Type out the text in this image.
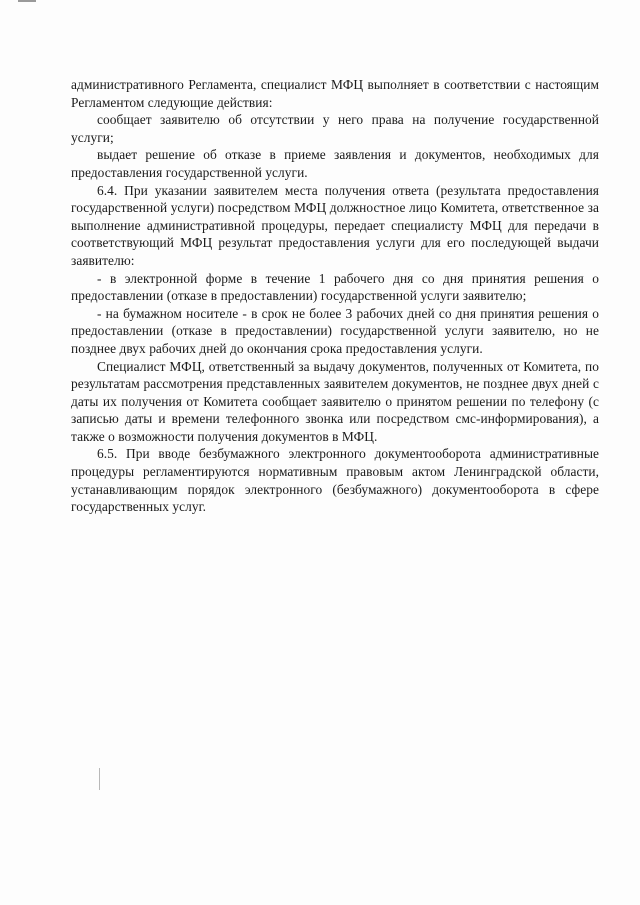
административного Регламента, специалист МФЦ выполняет в соответствии с настоящим Регламентом следующие действия:

сообщает заявителю об отсутствии у него права на получение государственной услуги;

выдает решение об отказе в приеме заявления и документов, необходимых для предоставления государственной услуги.

6.4. При указании заявителем места получения ответа (результата предоставления государственной услуги) посредством МФЦ должностное лицо Комитета, ответственное за выполнение административной процедуры, передает специалисту МФЦ для передачи в соответствующий МФЦ результат предоставления услуги для его последующей выдачи заявителю:

- в электронной форме в течение 1 рабочего дня со дня принятия решения о предоставлении (отказе в предоставлении) государственной услуги заявителю;

- на бумажном носителе - в срок не более 3 рабочих дней со дня принятия решения о предоставлении (отказе в предоставлении) государственной услуги заявителю, но не позднее двух рабочих дней до окончания срока предоставления услуги.

Специалист МФЦ, ответственный за выдачу документов, полученных от Комитета, по результатам рассмотрения представленных заявителем документов, не позднее двух дней с даты их получения от Комитета сообщает заявителю о принятом решении по телефону (с записью даты и времени телефонного звонка или посредством смс-информирования), а также о возможности получения документов в МФЦ.

6.5. При вводе безбумажного электронного документооборота административные процедуры регламентируются нормативным правовым актом Ленинградской области, устанавливающим порядок электронного (безбумажного) документооборота в сфере государственных услуг.
